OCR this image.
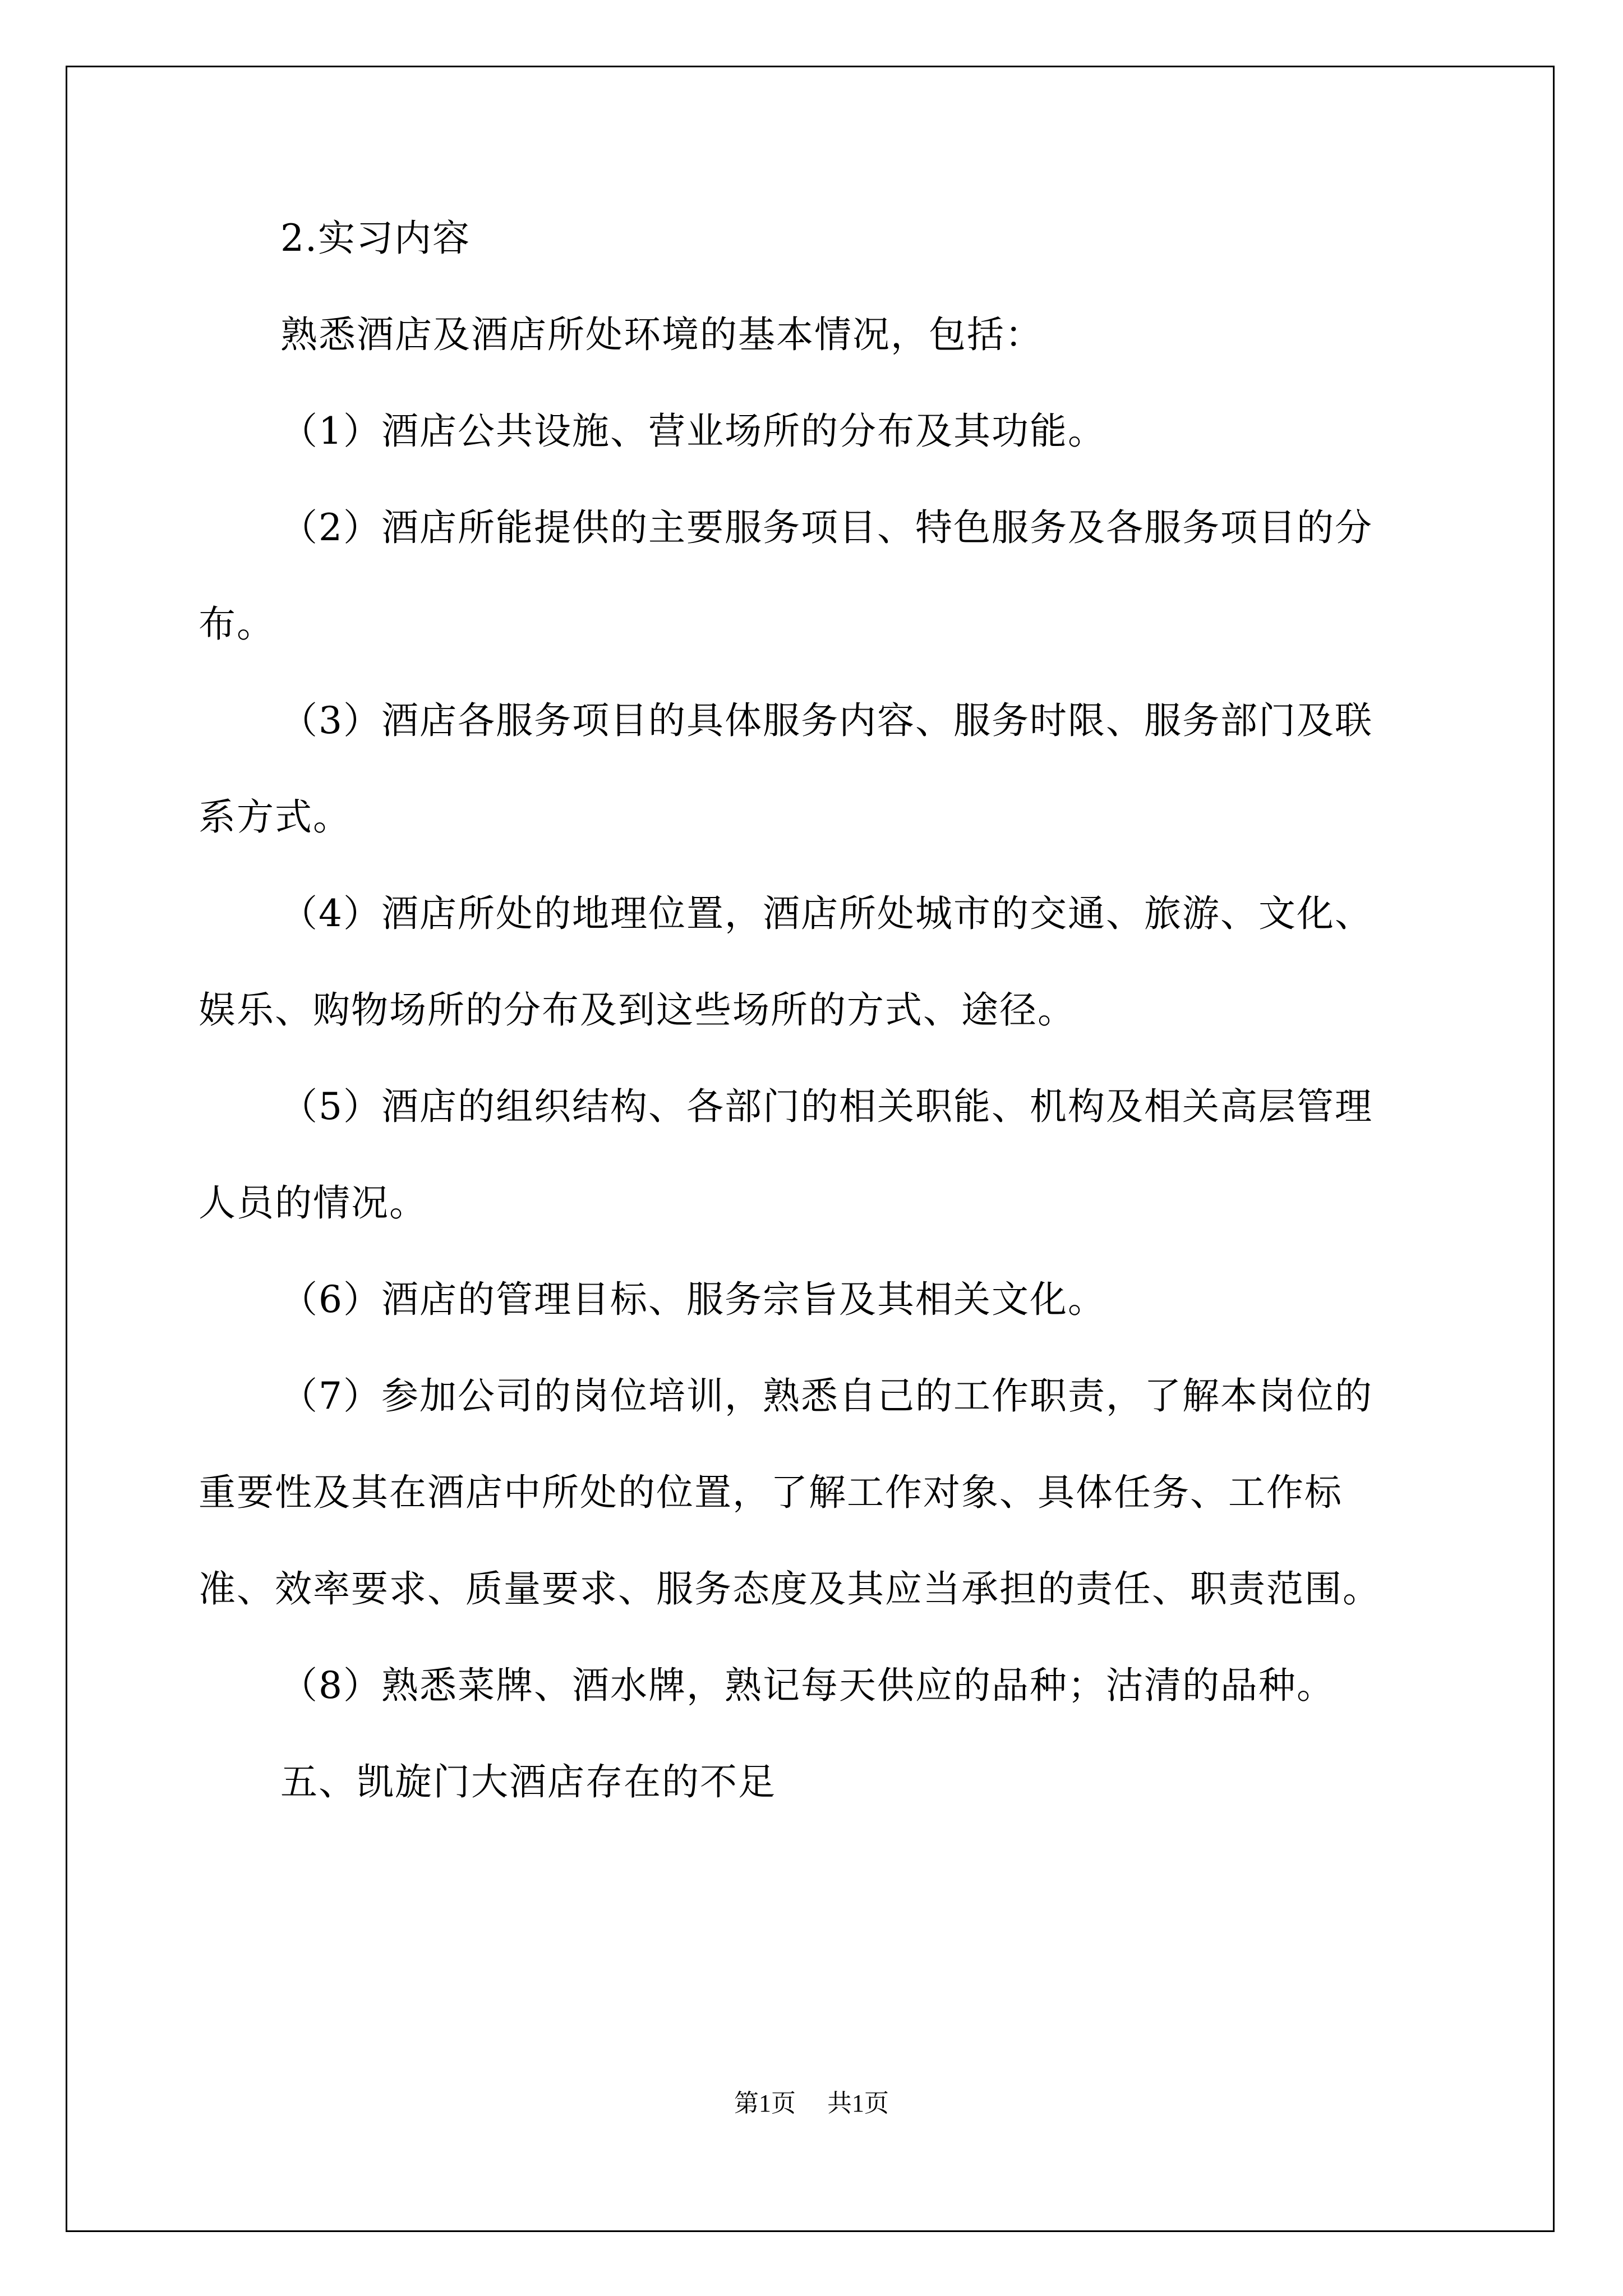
2.实习内容
熟悉酒店及酒店所处环境的基本情况，包括：
（1）酒店公共设施、营业场所的分布及其功能。
（2）酒店所能提供的主要服务项目、特色服务及各服务项目的分
布。
（3）酒店各服务项目的具体服务内容、服务时限、服务部门及联
系方式。
（4）酒店所处的地理位置，酒店所处城市的交通、旅游、文化、
娱乐、购物场所的分布及到这些场所的方式、途径。
（5）酒店的组织结构、各部门的相关职能、机构及相关高层管理
人员的情况。
（6）酒店的管理目标、服务宗旨及其相关文化。
（7）参加公司的岗位培训，熟悉自己的工作职责，了解本岗位的
重要性及其在酒店中所处的位置，了解工作对象、具体任务、工作标
准、效率要求、质量要求、服务态度及其应当承担的责任、职责范围。
（8）熟悉菜牌、酒水牌，熟记每天供应的品种；沽清的品种。
五、凯旋门大酒店存在的不足
第1页 共1页
